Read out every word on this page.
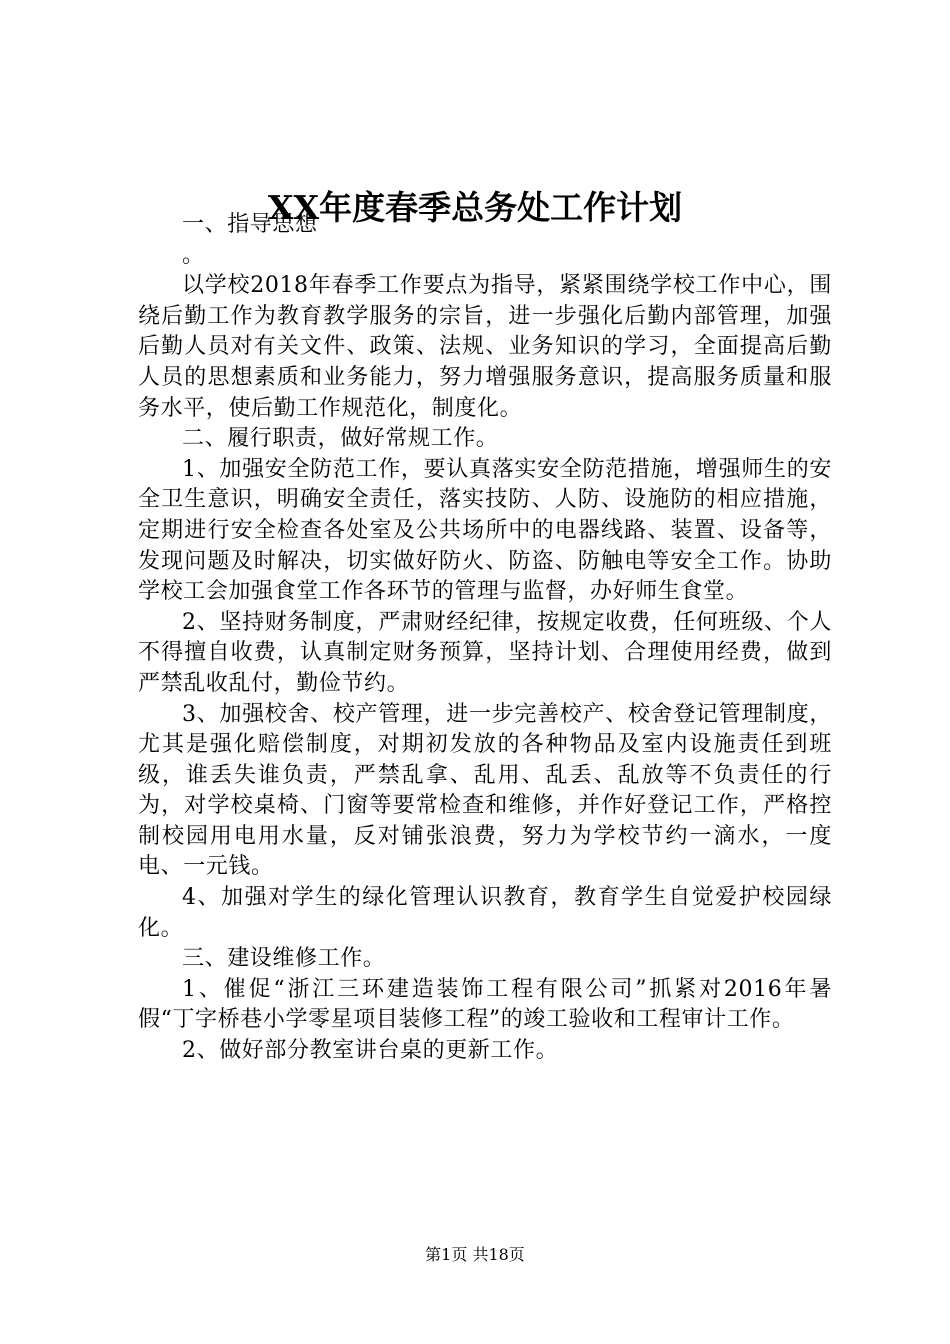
XX年度春季总务处工作计划

一、指导思想

。

以学校2018年春季工作要点为指导，紧紧围绕学校工作中心，围绕后勤工作为教育教学服务的宗旨，进一步强化后勤内部管理，加强后勤人员对有关文件、政策、法规、业务知识的学习，全面提高后勤人员的思想素质和业务能力，努力增强服务意识，提高服务质量和服务水平，使后勤工作规范化，制度化。

二、履行职责，做好常规工作。

1、加强安全防范工作，要认真落实安全防范措施，增强师生的安全卫生意识，明确安全责任，落实技防、人防、设施防的相应措施，定期进行安全检查各处室及公共场所中的电器线路、装置、设备等，发现问题及时解决，切实做好防火、防盗、防触电等安全工作。协助学校工会加强食堂工作各环节的管理与监督，办好师生食堂。

2、坚持财务制度，严肃财经纪律，按规定收费，任何班级、个人不得擅自收费，认真制定财务预算，坚持计划、合理使用经费，做到严禁乱收乱付，勤俭节约。

3、加强校舍、校产管理，进一步完善校产、校舍登记管理制度，尤其是强化赔偿制度，对期初发放的各种物品及室内设施责任到班级，谁丢失谁负责，严禁乱拿、乱用、乱丢、乱放等不负责任的行为，对学校桌椅、门窗等要常检查和维修，并作好登记工作，严格控制校园用电用水量，反对铺张浪费，努力为学校节约一滴水，一度电、一元钱。

4、加强对学生的绿化管理认识教育，教育学生自觉爱护校园绿化。

三、建设维修工作。

1、催促“浙江三环建造装饰工程有限公司”抓紧对2016年暑假“丁字桥巷小学零星项目装修工程”的竣工验收和工程审计工作。

2、做好部分教室讲台桌的更新工作。

第1页 共18页
